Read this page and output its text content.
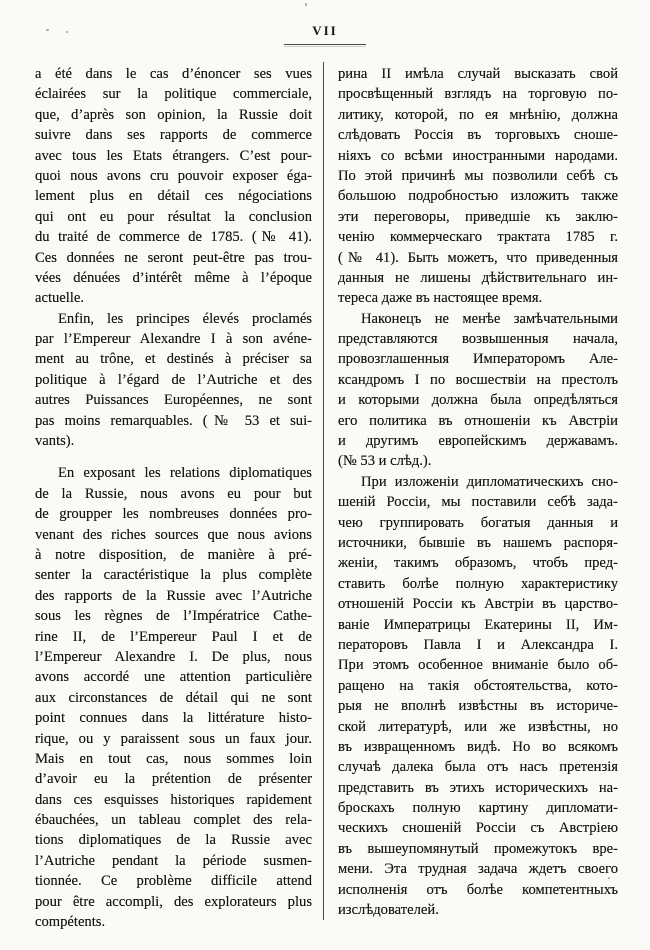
VII
a été dans le cas d’énoncer ses vues
éclairées sur la politique commerciale,
que, d’après son opinion, la Russie doit
suivre dans ses rapports de commerce
avec tous les Etats étrangers. C’est pour-
quoi nous avons cru pouvoir exposer éga-
lement plus en détail ces négociations
qui ont eu pour résultat la conclusion
du traité de commerce de 1785. (№ 41).
Ces données ne seront peut-être pas trou-
vées dénuées d’intérêt même à l’époque
actuelle.
Enfin, les principes élevés proclamés
par l’Empereur Alexandre I à son avéne-
ment au trône, et destinés à préciser sa
politique à l’égard de l’Autriche et des
autres Puissances Européennes, ne sont
pas moins remarquables. (№ 53 et sui-
vants).
En exposant les relations diplomatiques
de la Russie, nous avons eu pour but
de groupper les nombreuses données pro-
venant des riches sources que nous avions
à notre disposition, de manière à pré-
senter la caractéristique la plus complète
des rapports de la Russie avec l’Autriche
sous les règnes de l’Impératrice Cathe-
rine II, de l’Empereur Paul I et de
l’Empereur Alexandre I. De plus, nous
avons accordé une attention particulière
aux circonstances de détail qui ne sont
point connues dans la littérature histo-
rique, ou y paraissent sous un faux jour.
Mais en tout cas, nous sommes loin
d’avoir eu la prétention de présenter
dans ces esquisses historiques rapidement
ébauchées, un tableau complet des rela-
tions diplomatiques de la Russie avec
l’Autriche pendant la période susmen-
tionnée. Ce problème difficile attend
pour être accompli, des explorateurs plus
compétents.
рина II имѣла случай высказать свой
просвѣщенный взглядъ на торговую по-
литику, которой, по ея мнѣнію, должна
слѣдовать Россія въ торговыхъ сноше-
ніяхъ со всѣми иностранными народами.
По этой причинѣ мы позволили себѣ съ
большою подробностью изложить также
эти переговоры, приведшіе къ заклю-
ченію коммерческаго трактата 1785 г.
(№ 41). Быть можетъ, что приведенныя
данныя не лишены дѣйствительнаго ин-
тереса даже въ настоящее время.
Наконецъ не менѣе замѣчательными
представляются возвышенныя начала,
провозглашенныя Императоромъ Але-
ксандромъ I по восшествіи на престолъ
и которыми должна была опредѣляться
его политика въ отношеніи къ Австріи
и другимъ европейскимъ державамъ.
(№ 53 и слѣд.).
При изложеніи дипломатическихъ сно-
шеній Россіи, мы поставили себѣ зада-
чею группировать богатыя данныя и
источники, бывшіе въ нашемъ распоря-
женіи, такимъ образомъ, чтобъ пред-
ставить болѣе полную характеристику
отношеній Россіи къ Австріи въ царство-
ваніе Императрицы Екатерины II, Им-
ператоровъ Павла I и Александра I.
При этомъ особенное вниманіе было об-
ращено на такія обстоятельства, кото-
рыя не вполнѣ извѣстны въ историче-
ской литературѣ, или же извѣстны, но
въ извращенномъ видѣ. Но во всякомъ
случаѣ далека была отъ насъ претензія
представить въ этихъ историческихъ на-
броскахъ полную картину дипломати-
ческихъ сношеній Россіи съ Австріею
въ вышеупомянутый промежутокъ вре-
мени. Эта трудная задача ждетъ своего
исполненія отъ болѣе компетентныхъ
изслѣдователей.
